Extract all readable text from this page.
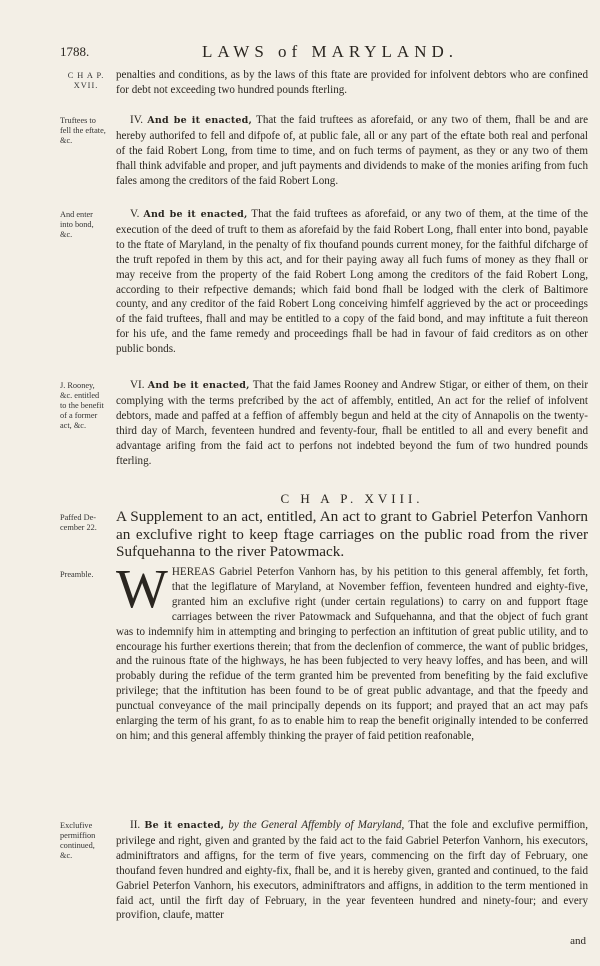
1788.	LAWS of MARYLAND.
C H A P.
XVII.
Truftees to
fell the eftate,
&c.
And enter
into bond,
&c.
J. Rooney,
&c. entitled
to the benefit
of a former
act, &c.
Paffed De-
cember 22.
Preamble.
Exclufive
permiffion
continued,
&c.

penalties and conditions, as by the laws of this ftate are provided for infolvent debtors who are confined for debt not exceeding two hundred pounds fterling.

IV. And be it enacted, That the faid truftees as aforefaid, or any two of them, fhall be and are hereby authorifed to fell and difpofe of, at public fale, all or any part of the eftate both real and perfonal of the faid Robert Long, from time to time, and on fuch terms of payment, as they or any two of them fhall think advifable and proper, and juft payments and dividends to make of the monies arifing from fuch fales among the creditors of the faid Robert Long.

V. And be it enacted, That the faid truftees as aforefaid, or any two of them, at the time of the execution of the deed of truft to them as aforefaid by the faid Robert Long, fhall enter into bond, payable to the ftate of Maryland, in the penalty of fix thoufand pounds current money, for the faithful difcharge of the truft repofed in them by this act, and for their paying away all fuch fums of money as they fhall or may receive from the property of the faid Robert Long among the creditors of the faid Robert Long, according to their refpective demands; which faid bond fhall be lodged with the clerk of Baltimore county, and any creditor of the faid Robert Long conceiving himfelf aggrieved by the act or proceedings of the faid truftees, fhall and may be entitled to a copy of the faid bond, and may inftitute a fuit thereon for his ufe, and the fame remedy and proceedings fhall be had in favour of faid creditors as on other public bonds.

VI. And be it enacted, That the faid James Rooney and Andrew Stigar, or either of them, on their complying with the terms prefcribed by the act of affembly, entitled, An act for the relief of infolvent debtors, made and paffed at a feffion of affembly begun and held at the city of Annapolis on the twenty-third day of March, feventeen hundred and feventy-four, fhall be entitled to all and every benefit and advantage arifing from the faid act to perfons not indebted beyond the fum of two hundred pounds fterling.

C H A P. XVIII.
A Supplement to an act, entitled, An act to grant to Gabriel Peterfon Vanhorn an exclufive right to keep ftage carriages on the public road from the river Sufquehanna to the river Patowmack.

WHEREAS Gabriel Peterfon Vanhorn has, by his petition to this general affembly, fet forth, that the legiflature of Maryland, at November feffion, feventeen hundred and eighty-five, granted him an exclufive right (under certain regulations) to carry on and fupport ftage carriages between the river Patowmack and Sufquehanna, and that the object of fuch grant was to indemnify him in attempting and bringing to perfection an inftitution of great public utility, and to encourage his further exertions therein; that from the declenfion of commerce, the want of public bridges, and the ruinous ftate of the highways, he has been fubjected to very heavy loffes, and has been, and will probably during the refidue of the term granted him be prevented from benefiting by the faid exclufive privilege; that the inftitution has been found to be of great public advantage, and that the fpeedy and punctual conveyance of the mail principally depends on its fupport; and prayed that an act may pafs enlarging the term of his grant, fo as to enable him to reap the benefit originally intended to be conferred on him; and this general affembly thinking the prayer of faid petition reafonable,

II. Be it enacted, by the General Affembly of Maryland, That the fole and exclufive permiffion, privilege and right, given and granted by the faid act to the faid Gabriel Peterfon Vanhorn, his executors, adminiftrators and affigns, for the term of five years, commencing on the firft day of February, one thoufand feven hundred and eighty-fix, fhall be, and it is hereby given, granted and continued, to the faid Gabriel Peterfon Vanhorn, his executors, adminiftrators and affigns, in addition to the term mentioned in faid act, until the firft day of February, in the year feventeen hundred and ninety-four; and every provifion, claufe, matter

and
